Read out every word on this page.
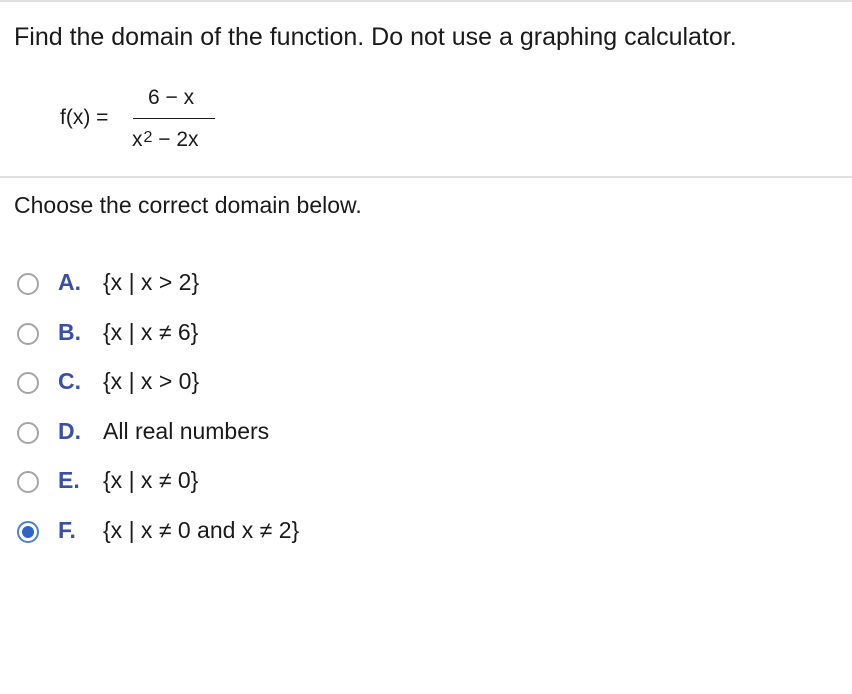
Find the domain of the function. Do not use a graphing calculator.
f(x) =
6 − x
$x^2 - 2x$
Choose the correct domain below.
A. {x | x > 2}
B. {x | x ≠ 6}
C. {x | x > 0}
D. All real numbers
E. {x | x ≠ 0}
F. {x | x ≠ 0 and x ≠ 2}
